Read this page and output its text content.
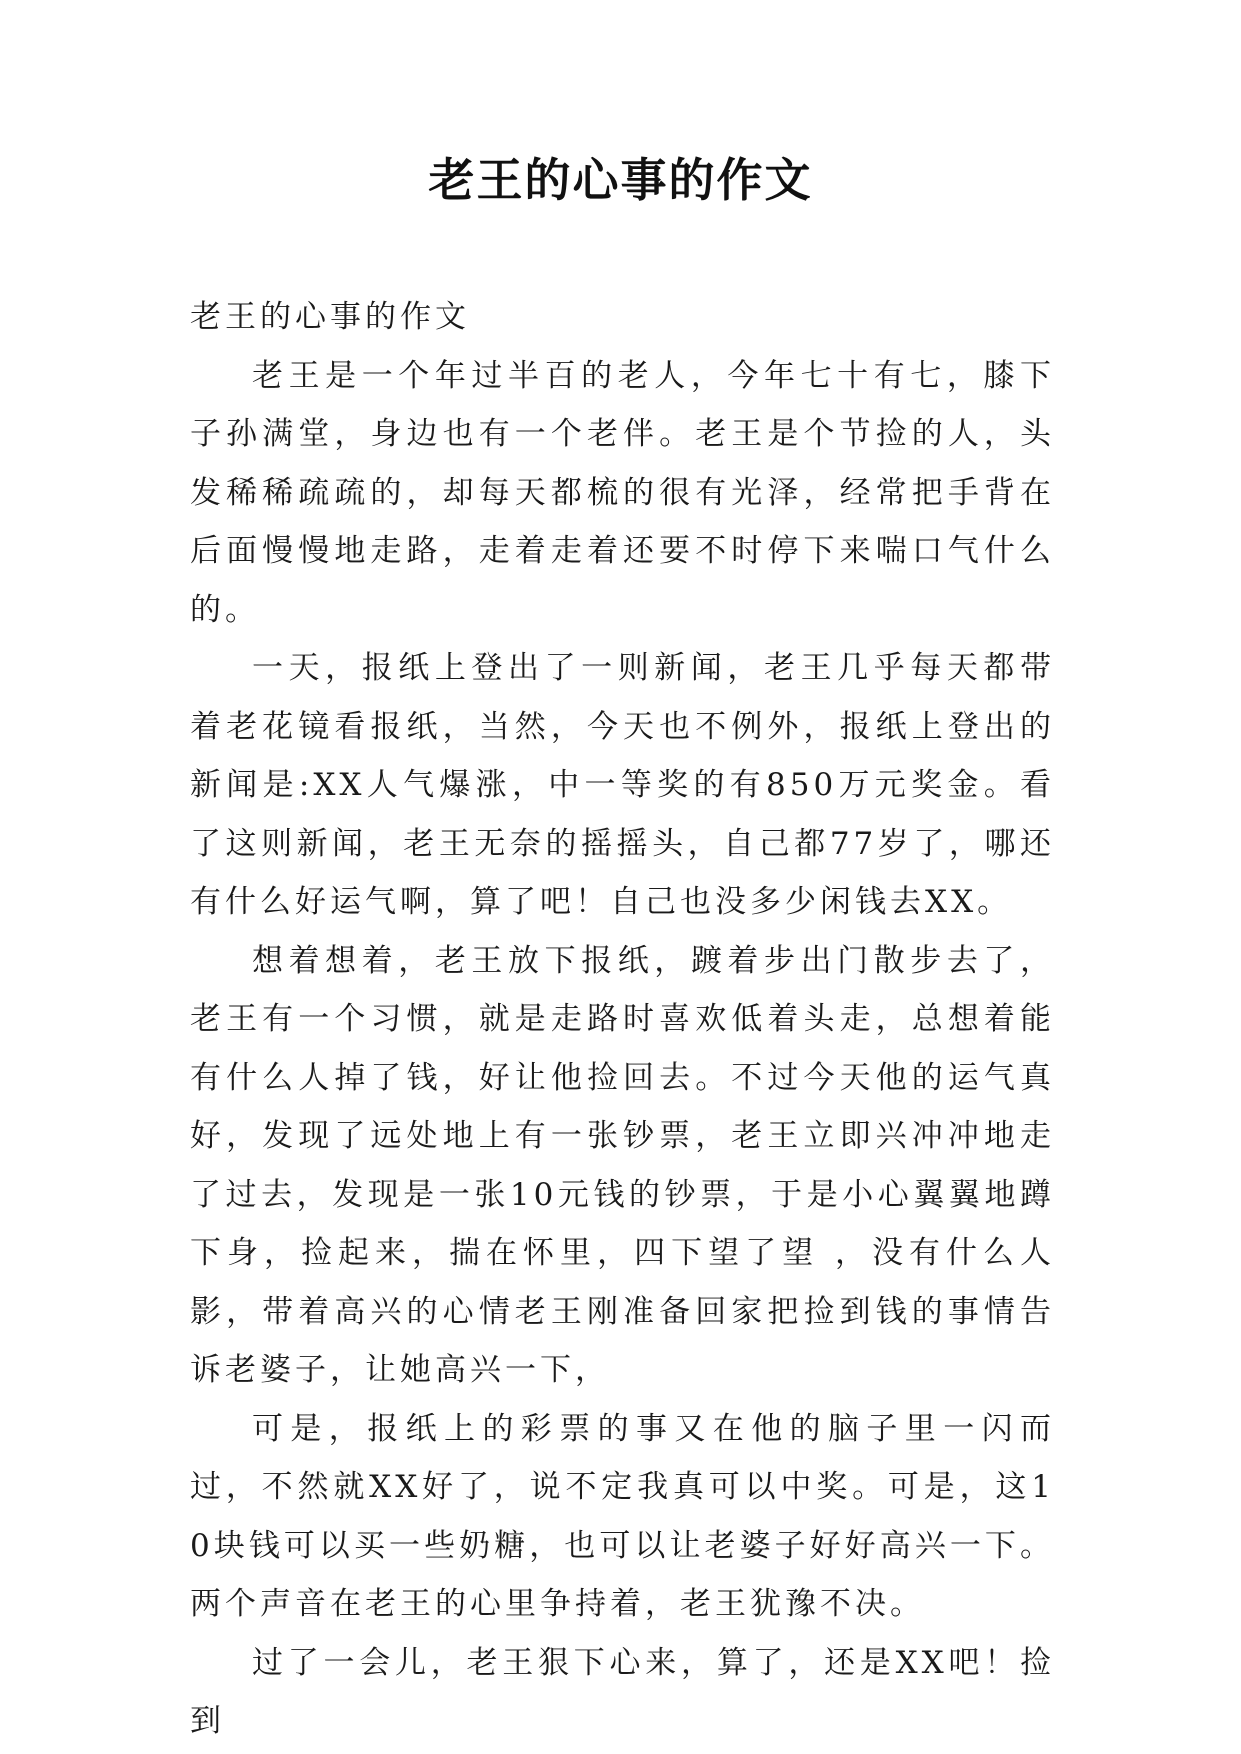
老王的心事的作文

老王的心事的作文

老王是一个年过半百的老人，今年七十有七，膝下子孙满堂，身边也有一个老伴。老王是个节捡的人，头发稀稀疏疏的，却每天都梳的很有光泽，经常把手背在后面慢慢地走路，走着走着还要不时停下来喘口气什么的。

一天，报纸上登出了一则新闻，老王几乎每天都带着老花镜看报纸，当然，今天也不例外，报纸上登出的新闻是:XX人气爆涨，中一等奖的有850万元奖金。看了这则新闻，老王无奈的摇摇头，自己都77岁了，哪还有什么好运气啊，算了吧！自己也没多少闲钱去XX。

想着想着，老王放下报纸，踱着步出门散步去了，老王有一个习惯，就是走路时喜欢低着头走，总想着能有什么人掉了钱，好让他捡回去。不过今天他的运气真好，发现了远处地上有一张钞票，老王立即兴冲冲地走了过去，发现是一张10元钱的钞票，于是小心翼翼地蹲下身，捡起来，揣在怀里，四下望了望 ，没有什么人影，带着高兴的心情老王刚准备回家把捡到钱的事情告诉老婆子，让她高兴一下，

可是，报纸上的彩票的事又在他的脑子里一闪而过，不然就XX好了，说不定我真可以中奖。可是，这10块钱可以买一些奶糖，也可以让老婆子好好高兴一下。两个声音在老王的心里争持着，老王犹豫不决。

过了一会儿，老王狠下心来，算了，还是XX吧！捡到
